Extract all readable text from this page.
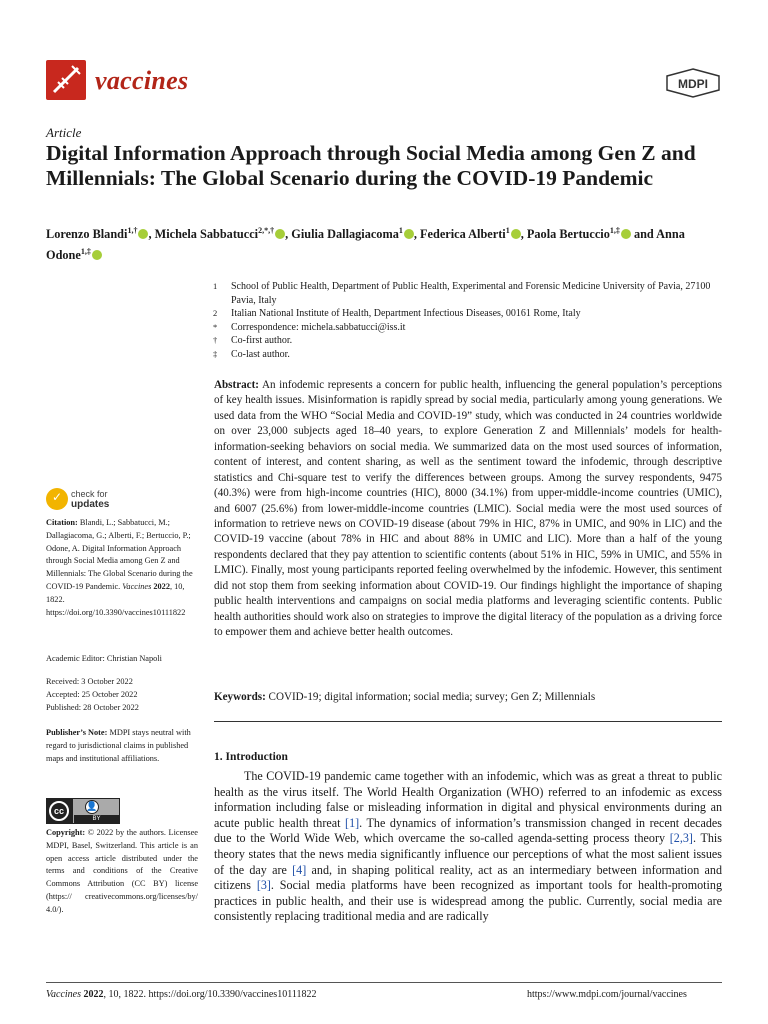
vaccines	MDPI
Article
Digital Information Approach through Social Media among Gen Z and Millennials: The Global Scenario during the COVID-19 Pandemic
Lorenzo Blandi$^{1,\dagger}$ , Michela Sabbatucci$^{2,*,\dagger}$ , Giulia Dallagiacoma$^1$ , Federica Alberti$^1$ , Paola Bertuccio$^{1,\ddagger}$ and Anna Odone$^{1,\ddagger}$
1	School of Public Health, Department of Public Health, Experimental and Forensic Medicine University of Pavia, 27100 Pavia, Italy
2	Italian National Institute of Health, Department Infectious Diseases, 00161 Rome, Italy
*	Correspondence: michela.sabbatucci@iss.it
†	Co-first author.
‡	Co-last author.
Abstract: An infodemic represents a concern for public health, influencing the general population’s perceptions of key health issues. Misinformation is rapidly spread by social media, particularly among young generations. We used data from the WHO “Social Media and COVID-19” study, which was conducted in 24 countries worldwide on over 23,000 subjects aged 18–40 years, to explore Generation Z and Millennials’ models for health-information-seeking behaviors on social media. We summarized data on the most used sources of information, content of interest, and content sharing, as well as the sentiment toward the infodemic, through descriptive statistics and Chi-square test to verify the differences between groups. Among the survey respondents, 9475 (40.3%) were from high-income countries (HIC), 8000 (34.1%) from upper-middle-income countries (UMIC), and 6007 (25.6%) from lower-middle-income countries (LMIC). Social media were the most used sources of information to retrieve news on COVID-19 disease (about 79% in HIC, 87% in UMIC, and 90% in LIC) and the COVID-19 vaccine (about 78% in HIC and about 88% in UMIC and LIC). More than a half of the young respondents declared that they pay attention to scientific contents (about 51% in HIC, 59% in UMIC, and 55% in LMIC). Finally, most young participants reported feeling overwhelmed by the infodemic. However, this sentiment did not stop them from seeking information about COVID-19. Our findings highlight the importance of shaping public health interventions and campaigns on social media platforms and leveraging scientific contents. Public health authorities should work also on strategies to improve the digital literacy of the population as a driving force to empower them and achieve better health outcomes.
Keywords: COVID-19; digital information; social media; survey; Gen Z; Millennials
1. Introduction

The COVID-19 pandemic came together with an infodemic, which was as great a threat to public health as the virus itself. The World Health Organization (WHO) referred to an infodemic as excess information including false or misleading information in digital and physical environments during an acute public health threat [1]. The dynamics of information’s transmission changed in recent decades due to the World Wide Web, which overcame the so-called agenda-setting process theory [2,3]. This theory states that the news media significantly influence our perceptions of what the most salient issues of the day are [4] and, in shaping political reality, act as an intermediary between information and citizens [3]. Social media platforms have been recognized as important tools for health-promoting practices in public health, and their use is widespread among the public. Currently, social media are consistently replacing traditional media and are radically

✓ check for
updates
Citation: Blandi, L.; Sabbatucci, M.; Dallagiacoma, G.; Alberti, F.; Bertuccio, P.; Odone, A. Digital Information Approach through Social Media among Gen Z and Millennials: The Global Scenario during the COVID-19 Pandemic. Vaccines 2022, 10, 1822. https://doi.org/10.3390/vaccines10111822
Academic Editor: Christian Napoli
Received: 3 October 2022
Accepted: 25 October 2022
Published: 28 October 2022
Publisher’s Note: MDPI stays neutral with regard to jurisdictional claims in published maps and institutional affiliations.
cc	👤
BY
Copyright: © 2022 by the authors. Licensee MDPI, Basel, Switzerland. This article is an open access article distributed under the terms and conditions of the Creative Commons Attribution (CC BY) license (https:// creativecommons.org/licenses/by/ 4.0/).
Vaccines 2022, 10, 1822. https://doi.org/10.3390/vaccines10111822	https://www.mdpi.com/journal/vaccines
